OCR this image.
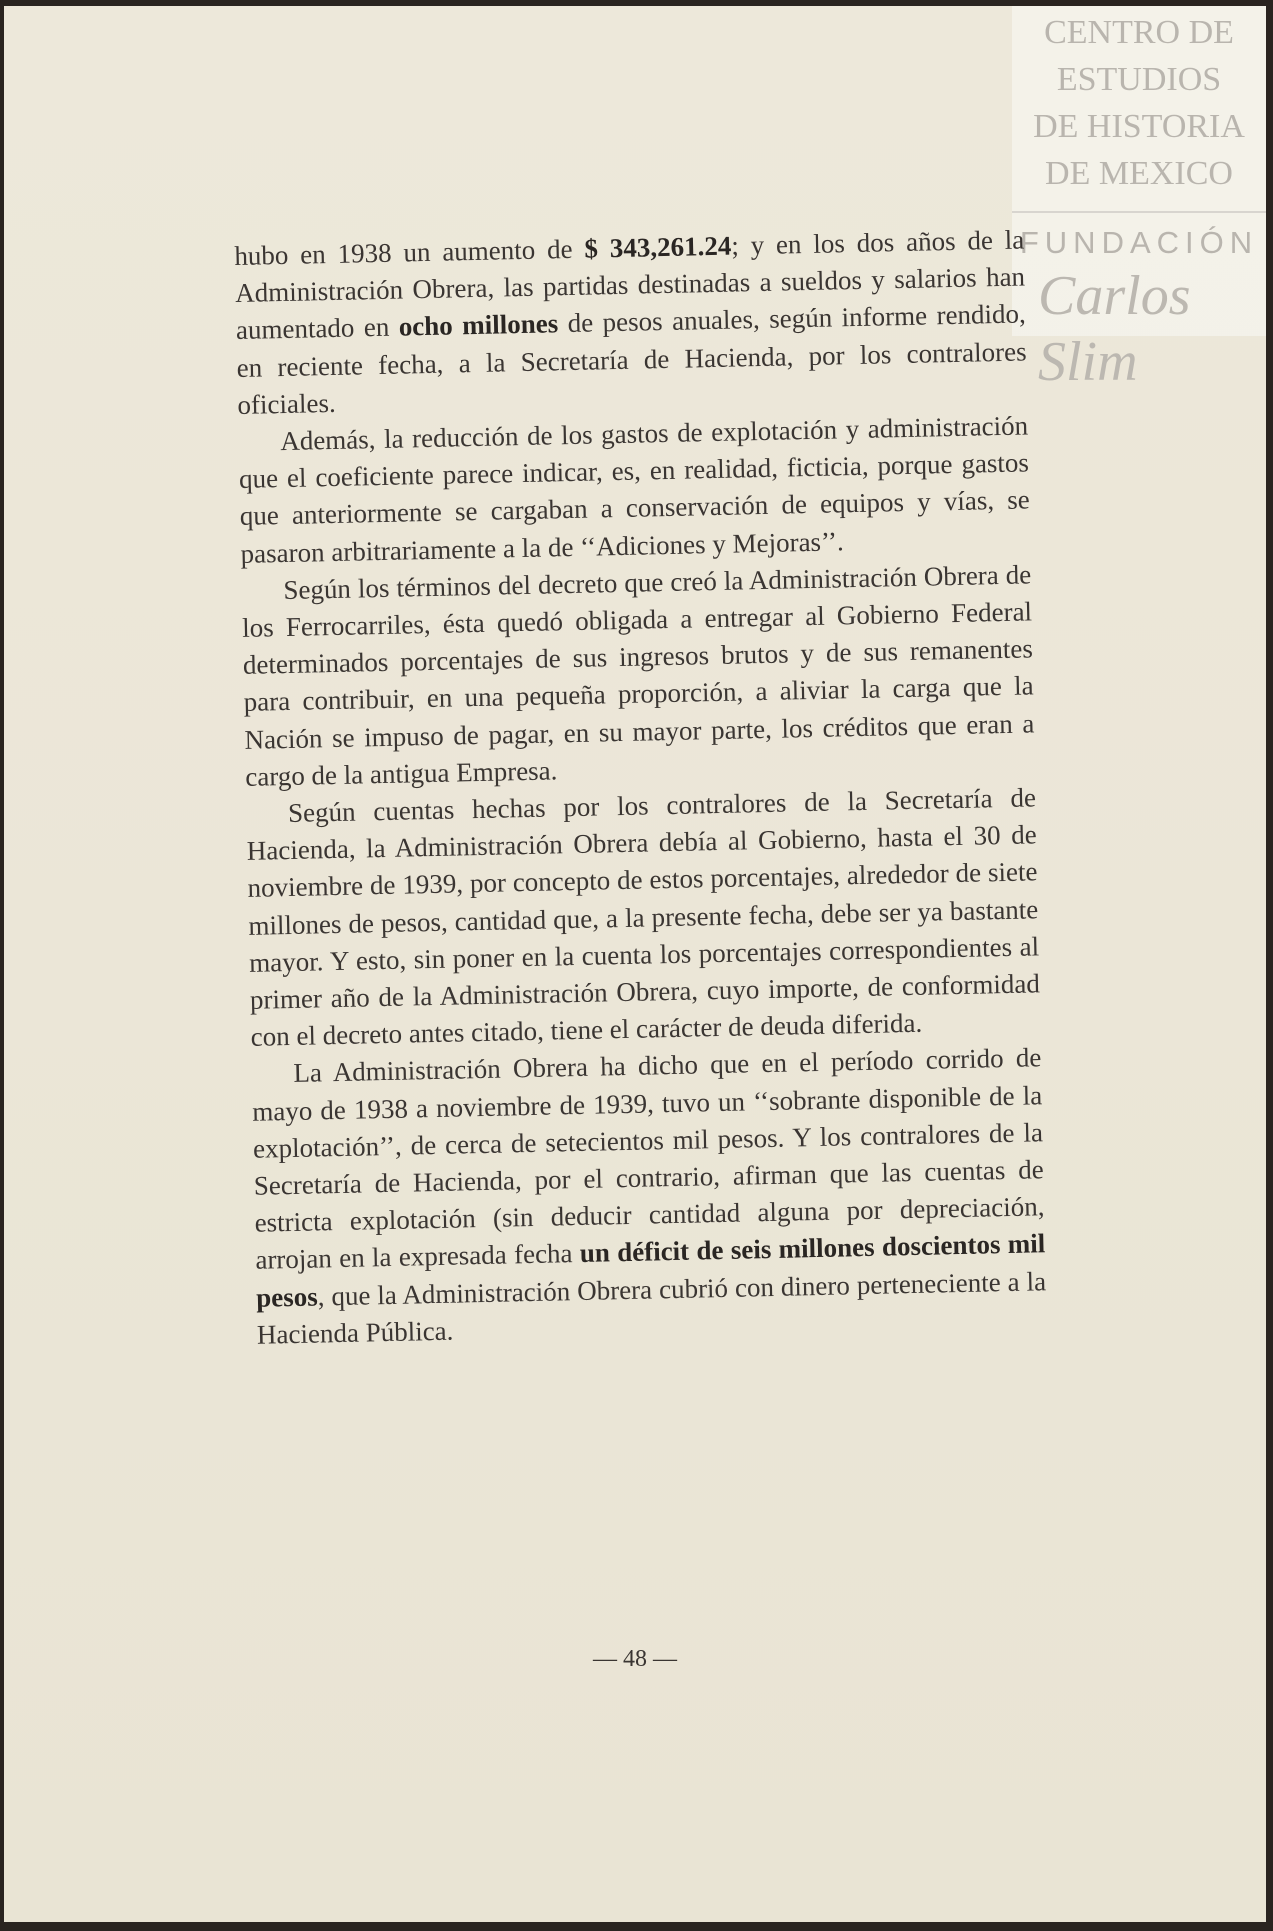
CENTRO DE
ESTUDIOS
DE HISTORIA
DE MEXICO
FUNDACIÓN
Carlos Slim

hubo en 1938 un aumento de $ 343,261.24; y en los dos años de la Administración Obrera, las partidas destinadas a sueldos y salarios han aumentado en ocho millones de pesos anuales, según informe rendido, en reciente fecha, a la Secretaría de Hacienda, por los contralores oficiales.

Además, la reducción de los gastos de explotación y administración que el coeficiente parece indicar, es, en realidad, ficticia, porque gastos que anteriormente se cargaban a conservación de equipos y vías, se pasaron arbitrariamente a la de ‘‘Adiciones y Mejoras’’.

Según los términos del decreto que creó la Administración Obrera de los Ferrocarriles, ésta quedó obligada a entregar al Gobierno Federal determinados porcentajes de sus ingresos brutos y de sus remanentes para contribuir, en una pequeña proporción, a aliviar la carga que la Nación se impuso de pagar, en su mayor parte, los créditos que eran a cargo de la antigua Empresa.

Según cuentas hechas por los contralores de la Secretaría de Hacienda, la Administración Obrera debía al Gobierno, hasta el 30 de noviembre de 1939, por concepto de estos porcentajes, alrededor de siete millones de pesos, cantidad que, a la presente fecha, debe ser ya bastante mayor. Y esto, sin poner en la cuenta los porcentajes correspondientes al primer año de la Administración Obrera, cuyo importe, de conformidad con el decreto antes citado, tiene el carácter de deuda diferida.

La Administración Obrera ha dicho que en el período corrido de mayo de 1938 a noviembre de 1939, tuvo un ‘‘sobrante disponible de la explotación’’, de cerca de setecientos mil pesos. Y los contralores de la Secretaría de Hacienda, por el contrario, afirman que las cuentas de estricta explotación (sin deducir cantidad alguna por depreciación, arrojan en la expresada fecha un déficit de seis millones doscientos mil pesos, que la Administración Obrera cubrió con dinero perteneciente a la Hacienda Pública.

— 48 —
